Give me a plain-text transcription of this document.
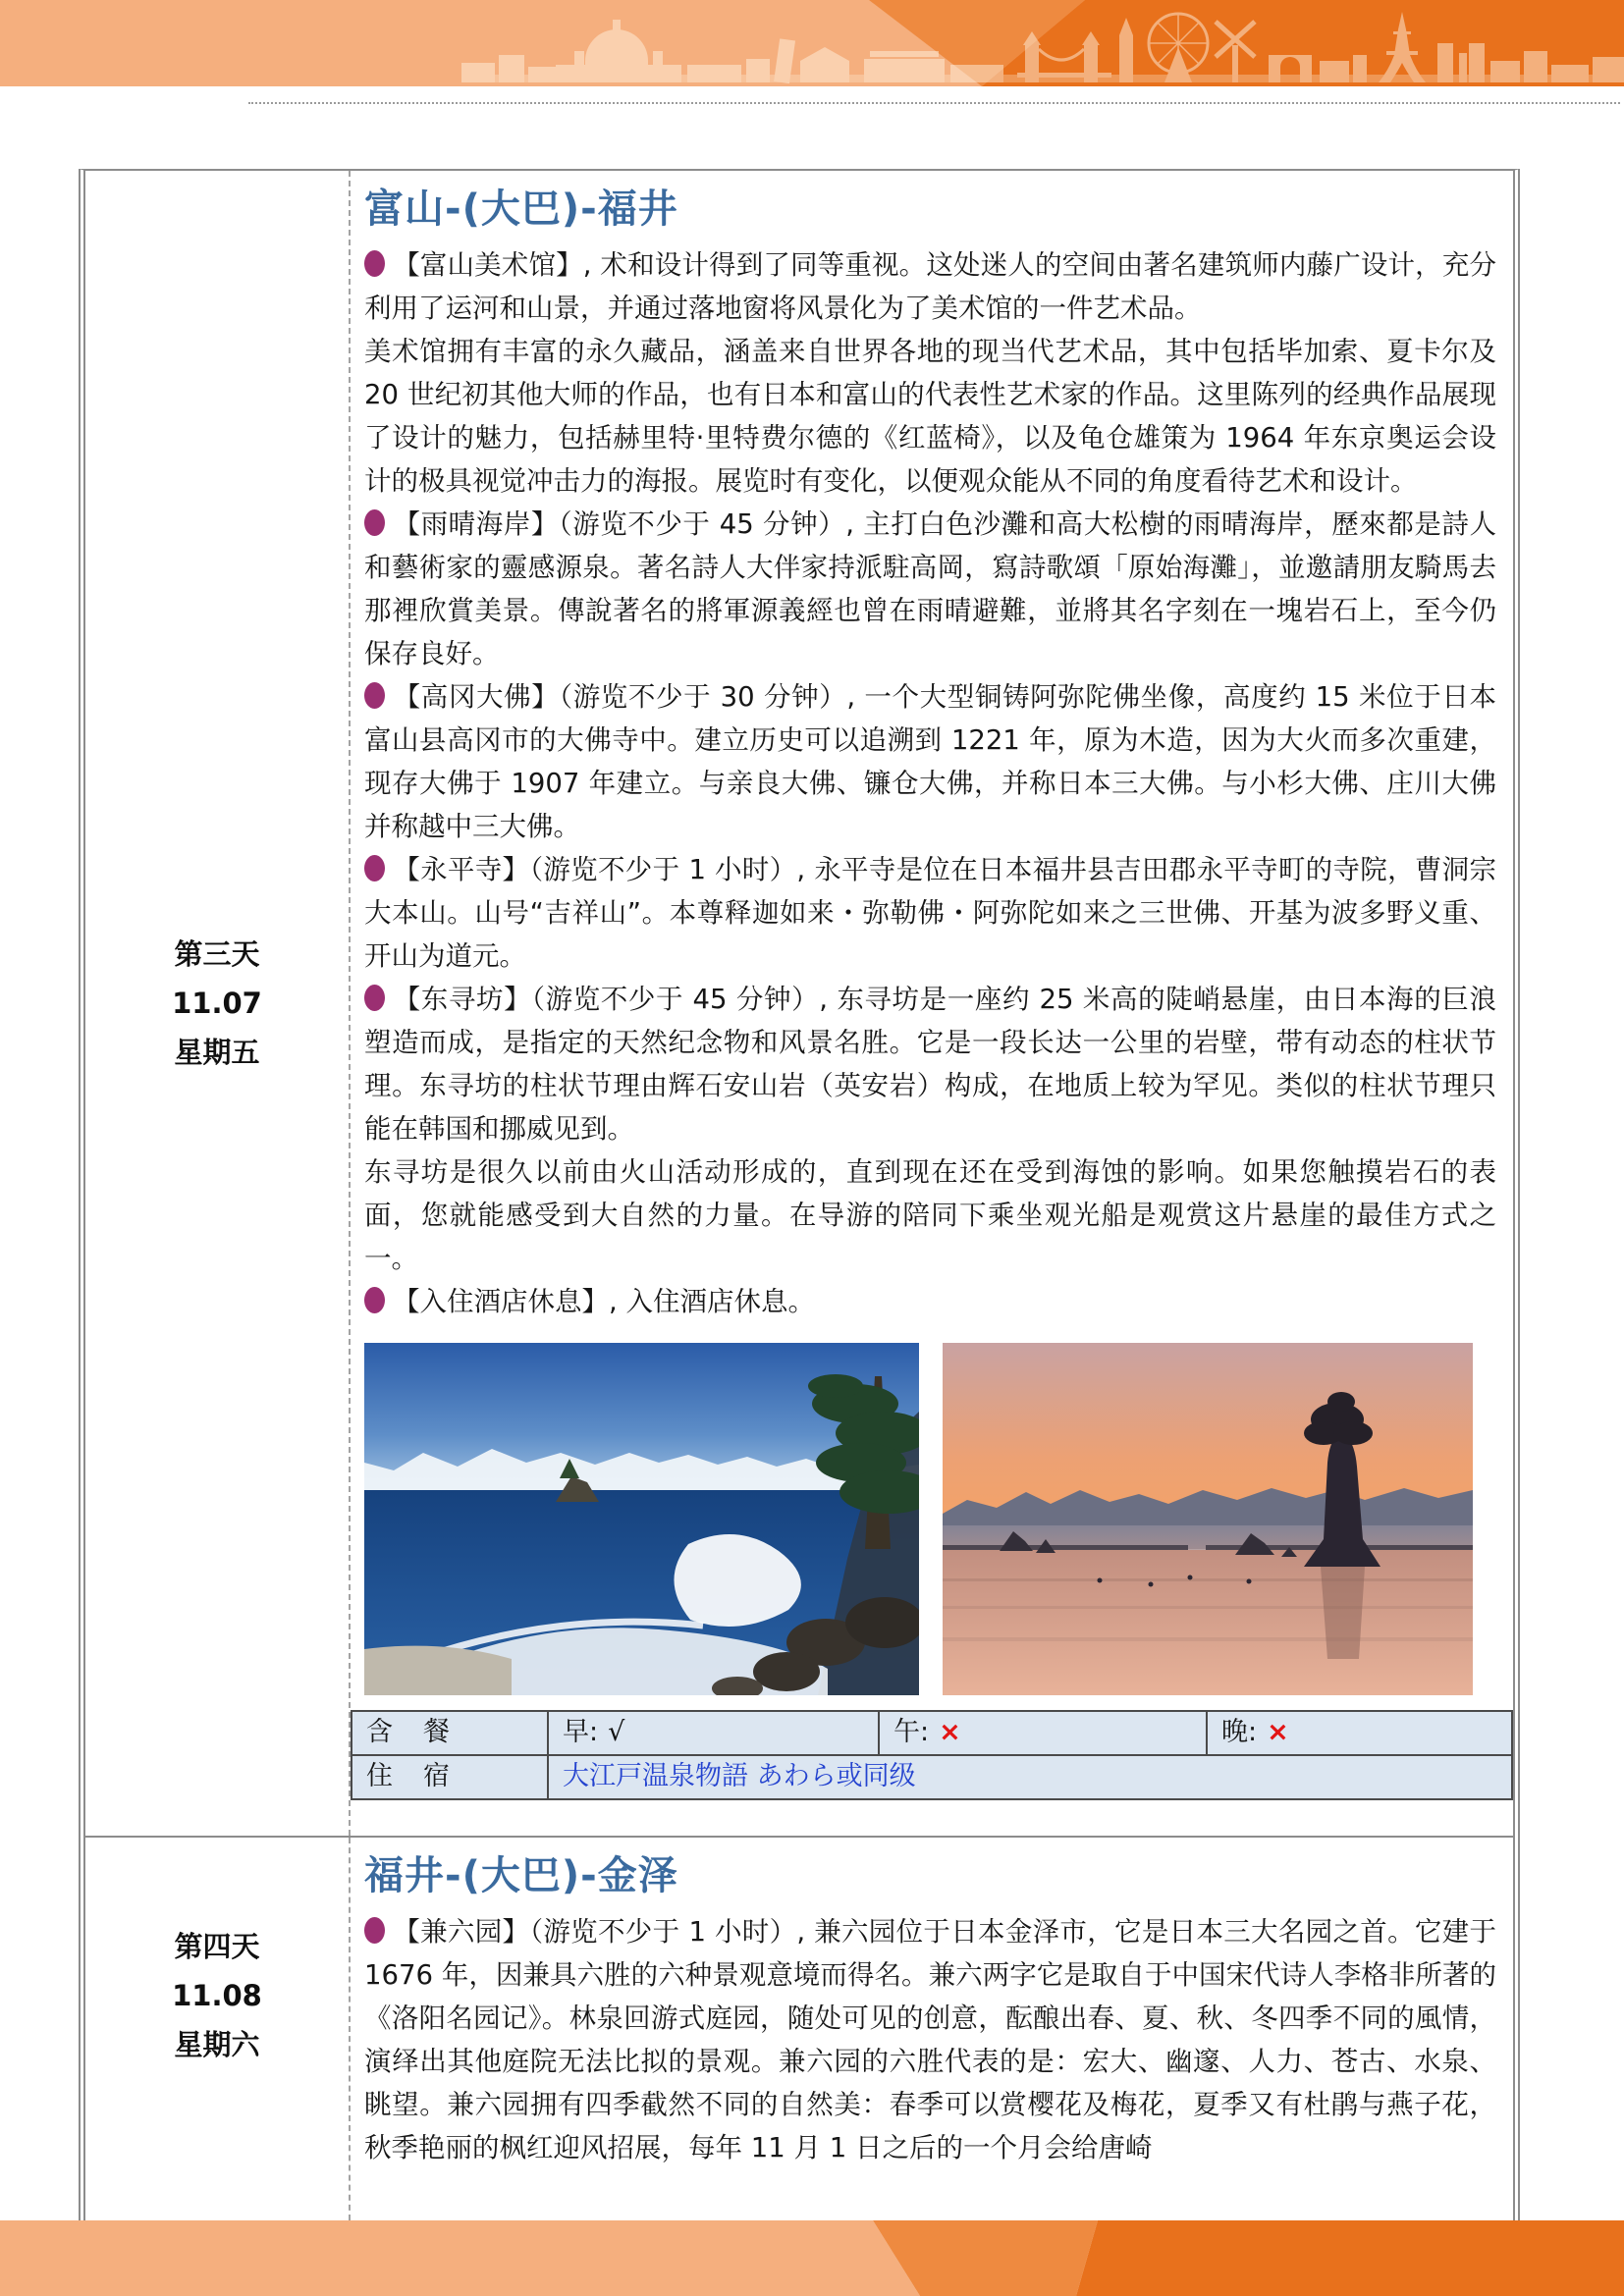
第三天
11.07
星期五
富山-(大巴)-福井

【富山美术馆】, 术和设计得到了同等重视。这处迷人的空间由著名建筑师内藤广设计，充分利用了运河和山景，并通过落地窗将风景化为了美术馆的一件艺术品。

美术馆拥有丰富的永久藏品，涵盖来自世界各地的现当代艺术品，其中包括毕加索、夏卡尔及 20 世纪初其他大师的作品，也有日本和富山的代表性艺术家的作品。这里陈列的经典作品展现了设计的魅力，包括赫里特·里特费尔德的《红蓝椅》，以及龟仓雄策为 1964 年东京奥运会设计的极具视觉冲击力的海报。展览时有变化，以便观众能从不同的角度看待艺术和设计。

【雨晴海岸】（游览不少于 45 分钟）, 主打白色沙灘和高大松樹的雨晴海岸，歷來都是詩人和藝術家的靈感源泉。著名詩人大伴家持派駐高岡，寫詩歌頌「原始海灘」，並邀請朋友騎馬去那裡欣賞美景。傳說著名的將軍源義經也曾在雨晴避難，並將其名字刻在一塊岩石上，至今仍保存良好。

【高冈大佛】（游览不少于 30 分钟）, 一个大型铜铸阿弥陀佛坐像，高度约 15 米位于日本富山县高冈市的大佛寺中。建立历史可以追溯到 1221 年，原为木造，因为大火而多次重建，现存大佛于 1907 年建立。与亲良大佛、镰仓大佛，并称日本三大佛。与小杉大佛、庄川大佛并称越中三大佛。

【永平寺】（游览不少于 1 小时）, 永平寺是位在日本福井县吉田郡永平寺町的寺院，曹洞宗大本山。山号“吉祥山”。本尊释迦如来・弥勒佛・阿弥陀如来之三世佛、开基为波多野义重、开山为道元。

【东寻坊】（游览不少于 45 分钟）, 东寻坊是一座约 25 米高的陡峭悬崖，由日本海的巨浪塑造而成，是指定的天然纪念物和风景名胜。它是一段长达一公里的岩壁，带有动态的柱状节理。东寻坊的柱状节理由辉石安山岩（英安岩）构成，在地质上较为罕见。类似的柱状节理只能在韩国和挪威见到。

东寻坊是很久以前由火山活动形成的，直到现在还在受到海蚀的影响。如果您触摸岩石的表面，您就能感受到大自然的力量。在导游的陪同下乘坐观光船是观赏这片悬崖的最佳方式之一。

【入住酒店休息】, 入住酒店休息。

含　餐	早: √	午: ×	晚: ×
住　宿	大江戸温泉物語 あわら或同级
第四天
11.08
星期六
福井-(大巴)-金泽

【兼六园】（游览不少于 1 小时）, 兼六园位于日本金泽市，它是日本三大名园之首。它建于 1676 年，因兼具六胜的六种景观意境而得名。兼六两字它是取自于中国宋代诗人李格非所著的《洛阳名园记》。林泉回游式庭园，随处可见的创意，酝酿出春、夏、秋、冬四季不同的風情，演绎出其他庭院无法比拟的景观。兼六园的六胜代表的是：宏大、幽邃、人力、苍古、水泉、眺望。兼六园拥有四季截然不同的自然美：春季可以赏樱花及梅花，夏季又有杜鹃与燕子花，秋季艳丽的枫红迎风招展，每年 11 月 1 日之后的一个月会给唐崎
